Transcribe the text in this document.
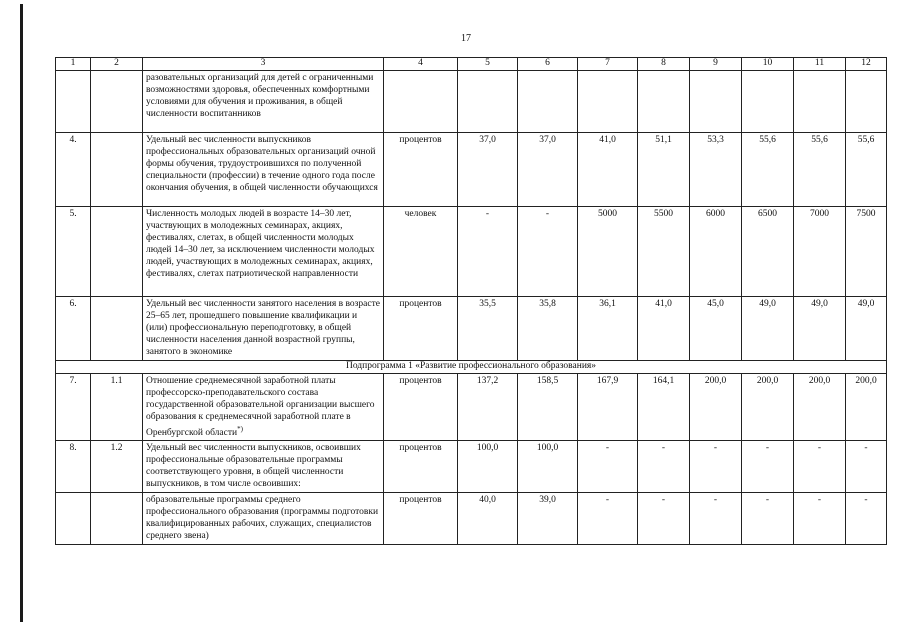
17
1	2	3	4	5	6	7	8	9	10	11	12
		разовательных организаций для детей с ограниченными возможностями здоровья, обеспеченных комфортными условиями для обучения и проживания, в общей численности воспитанников									
4.		Удельный вес численности выпускников профессиональных образовательных организаций очной формы обучения, трудоустроившихся по полученной специальности (профессии) в течение одного года после окончания обучения, в общей численности обучающихся	процентов	37,0	37,0	41,0	51,1	53,3	55,6	55,6	55,6
5.		Численность молодых людей в возрасте 14–30 лет, участвующих в молодежных семинарах, акциях, фестивалях, слетах, в общей численности молодых людей 14–30 лет, за исключением численности молодых людей, участвующих в молодежных семинарах, акциях, фестивалях, слетах патриотической направленности	человек	-	-	5000	5500	6000	6500	7000	7500
6.		Удельный вес численности занятого населения в возрасте 25–65 лет, прошедшего повышение квалификации и (или) профессиональную переподготовку, в общей численности населения данной возрастной группы, занятого в экономике	процентов	35,5	35,8	36,1	41,0	45,0	49,0	49,0	49,0
Подпрограмма 1 «Развитие профессионального образования»											
7.	1.1	Отношение среднемесячной заработной платы профессорско-преподавательского состава государственной образовательной организации высшего образования к среднемесячной заработной плате в Оренбургской области*)	процентов	137,2	158,5	167,9	164,1	200,0	200,0	200,0	200,0
8.	1.2	Удельный вес численности выпускников, освоивших профессиональные образовательные программы соответствующего уровня, в общей численности выпускников, в том числе освоивших:	процентов	100,0	100,0	-	-	-	-	-	-
		образовательные программы среднего профессионального образования (программы подготовки квалифицированных рабочих, служащих, специалистов среднего звена)	процентов	40,0	39,0	-	-	-	-	-	-
